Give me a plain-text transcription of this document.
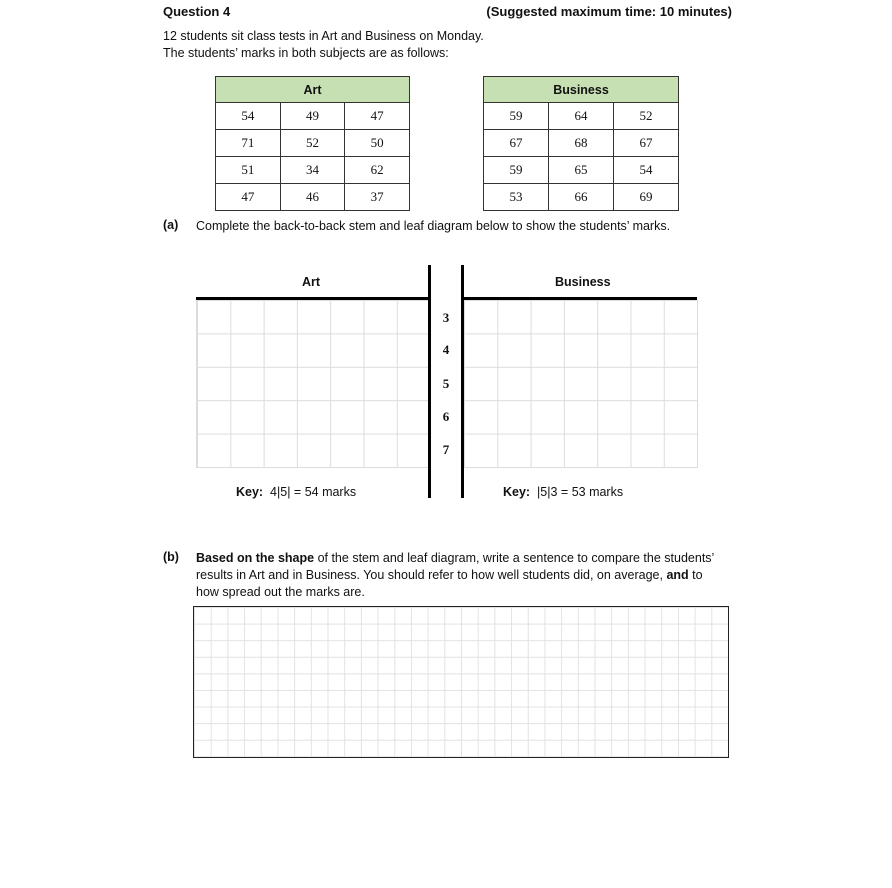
Question 4	(Suggested maximum time: 10 minutes)
12 students sit class tests in Art and Business on Monday.
The students’ marks in both subjects are as follows:
Art		
54	49	47
71	52	50
51	34	62
47	46	37
Business		
59	64	52
67	68	67
59	65	54
53	66	69
(a) Complete the back-to-back stem and leaf diagram below to show the students’ marks.
Art	Business
3
4
5
6
7
Key: 4|5| = 54 marks	Key: |5|3 = 53 marks
(b) Based on the shape of the stem and leaf diagram, write a sentence to compare the students’
results in Art and in Business. You should refer to how well students did, on average, and to
how spread out the marks are.
